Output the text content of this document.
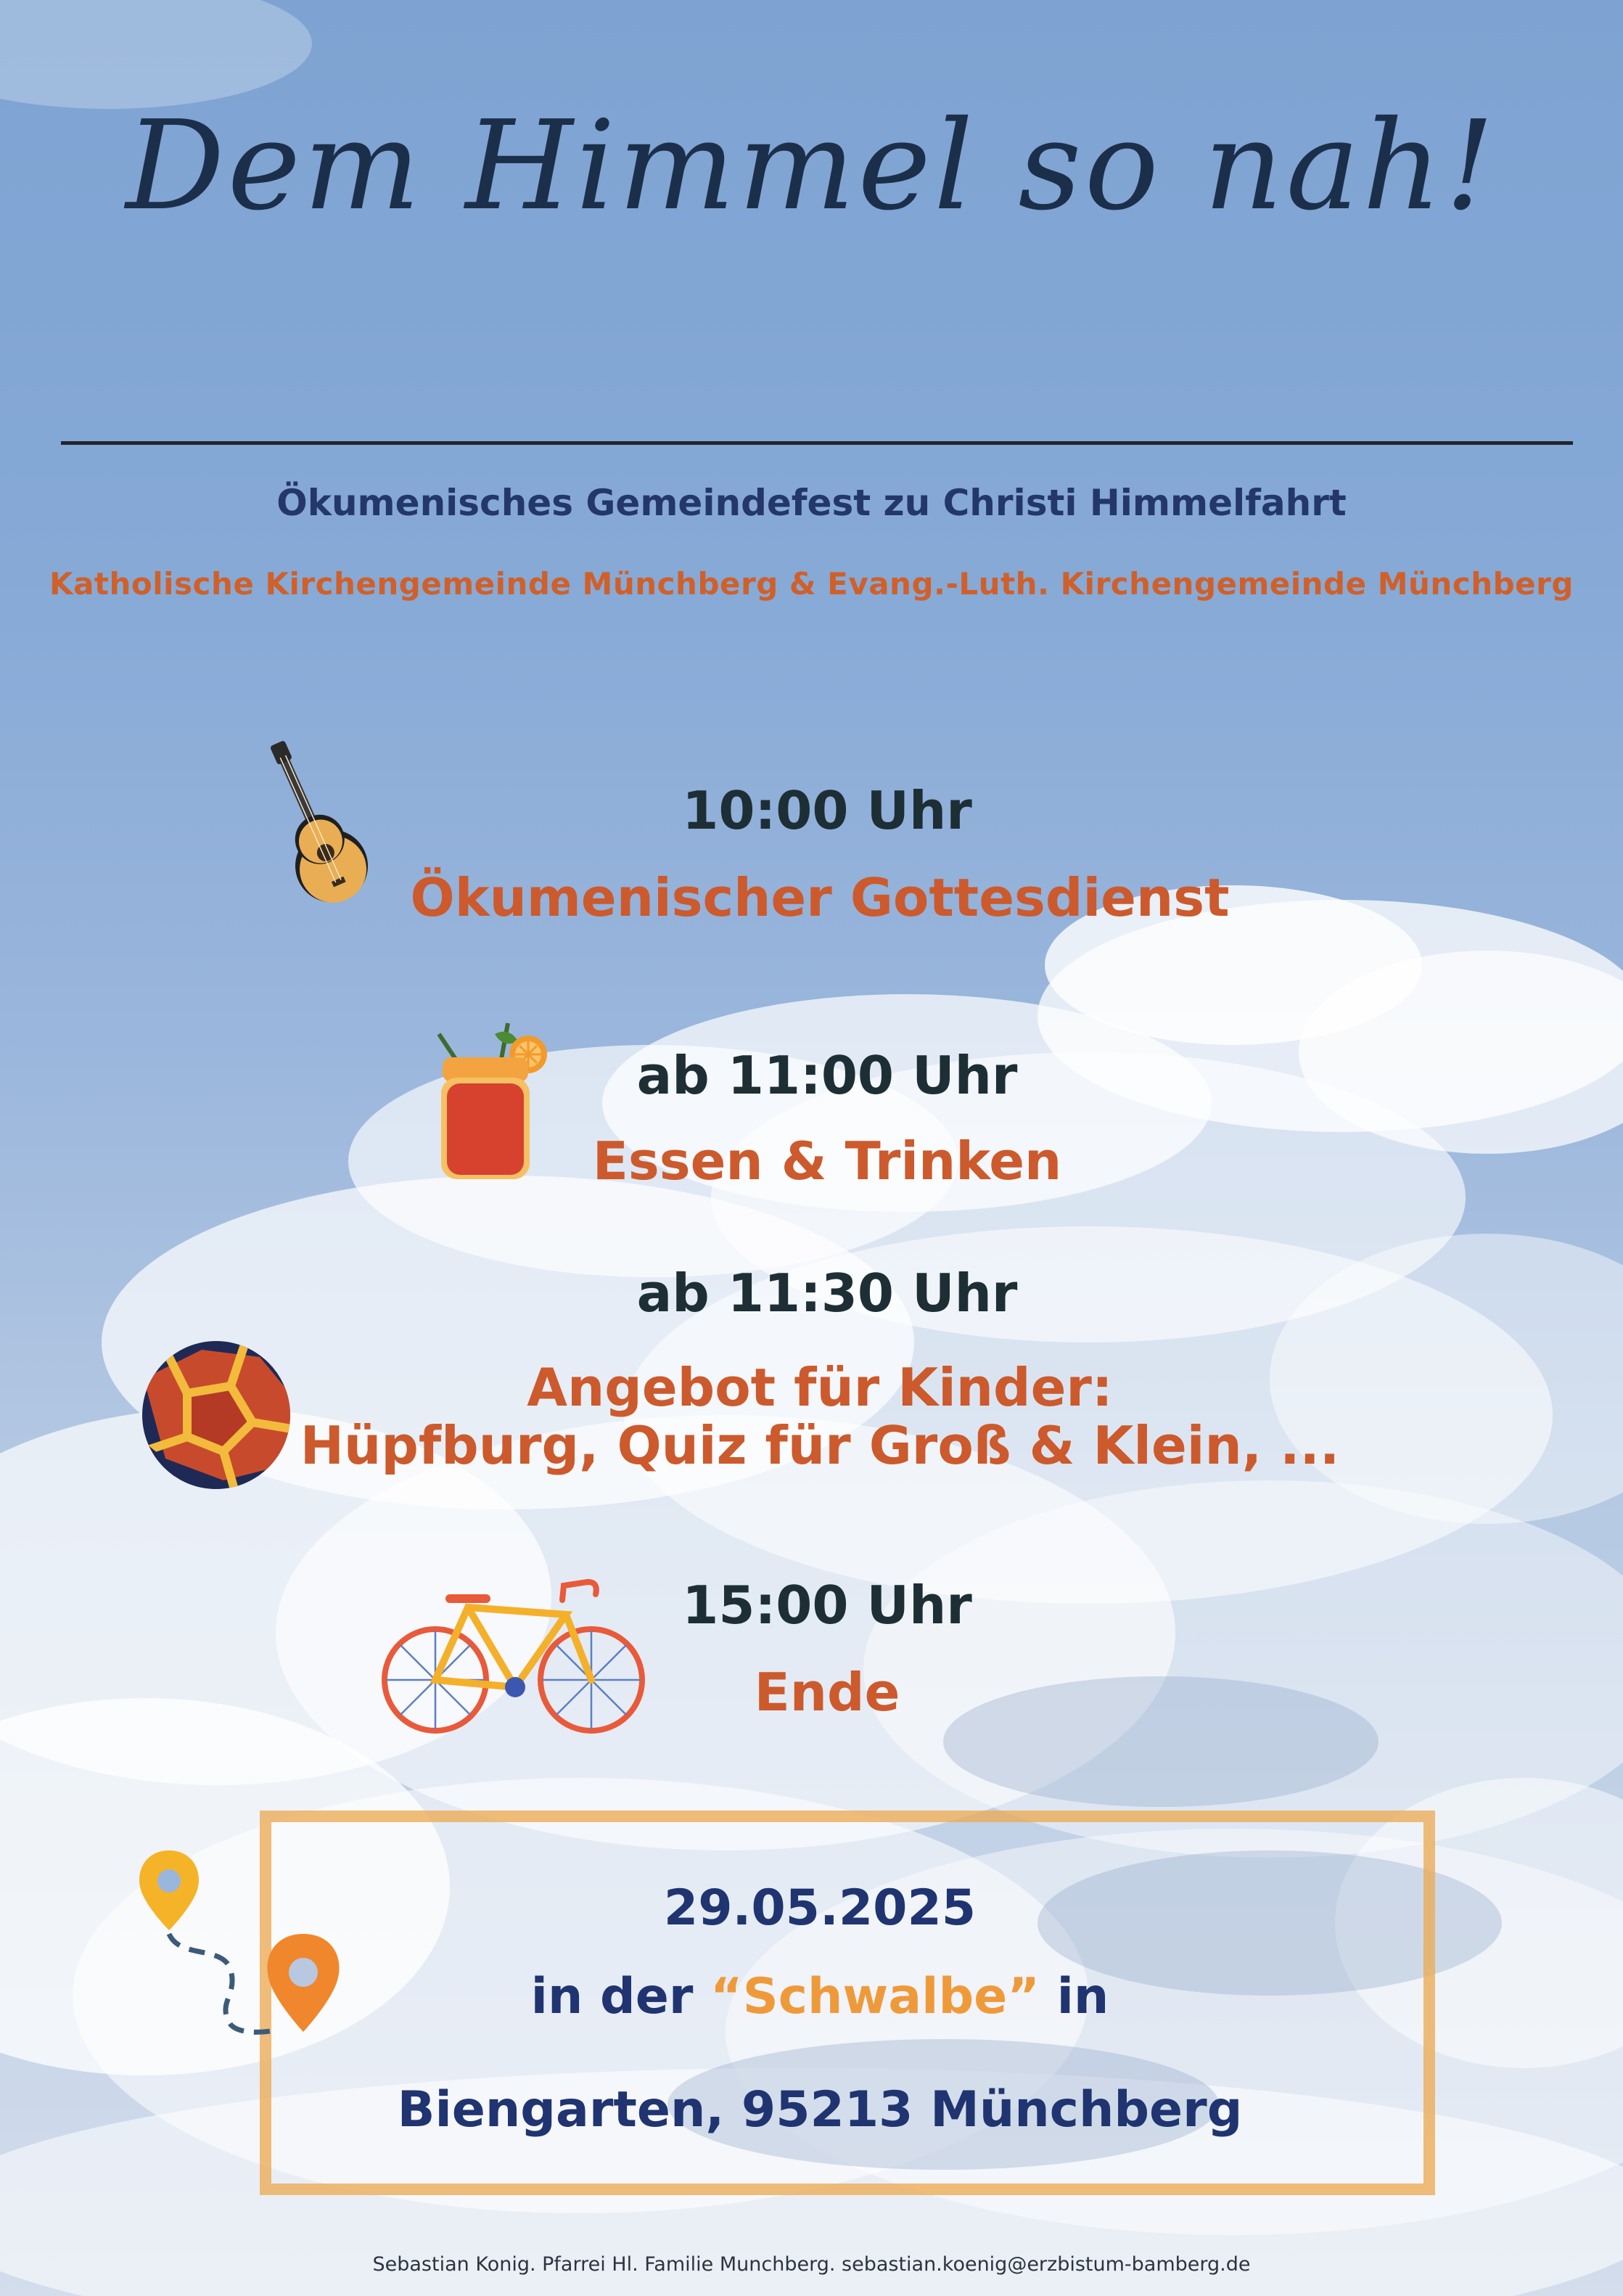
Dem Himmel so nah!
Ökumenisches Gemeindefest zu Christi Himmelfahrt
Katholische Kirchengemeinde Münchberg & Evang.-Luth. Kirchengemeinde Münchberg
10:00 Uhr
Ökumenischer Gottesdienst
ab 11:00 Uhr
Essen & Trinken
ab 11:30 Uhr
Angebot für Kinder:
Hüpfburg, Quiz für Groß & Klein, ...
15:00 Uhr
Ende
29.05.2025
in der “Schwalbe” in
Biengarten, 95213 Münchberg
Sebastian Konig. Pfarrei Hl. Familie Munchberg. sebastian.koenig@erzbistum-bamberg.de
